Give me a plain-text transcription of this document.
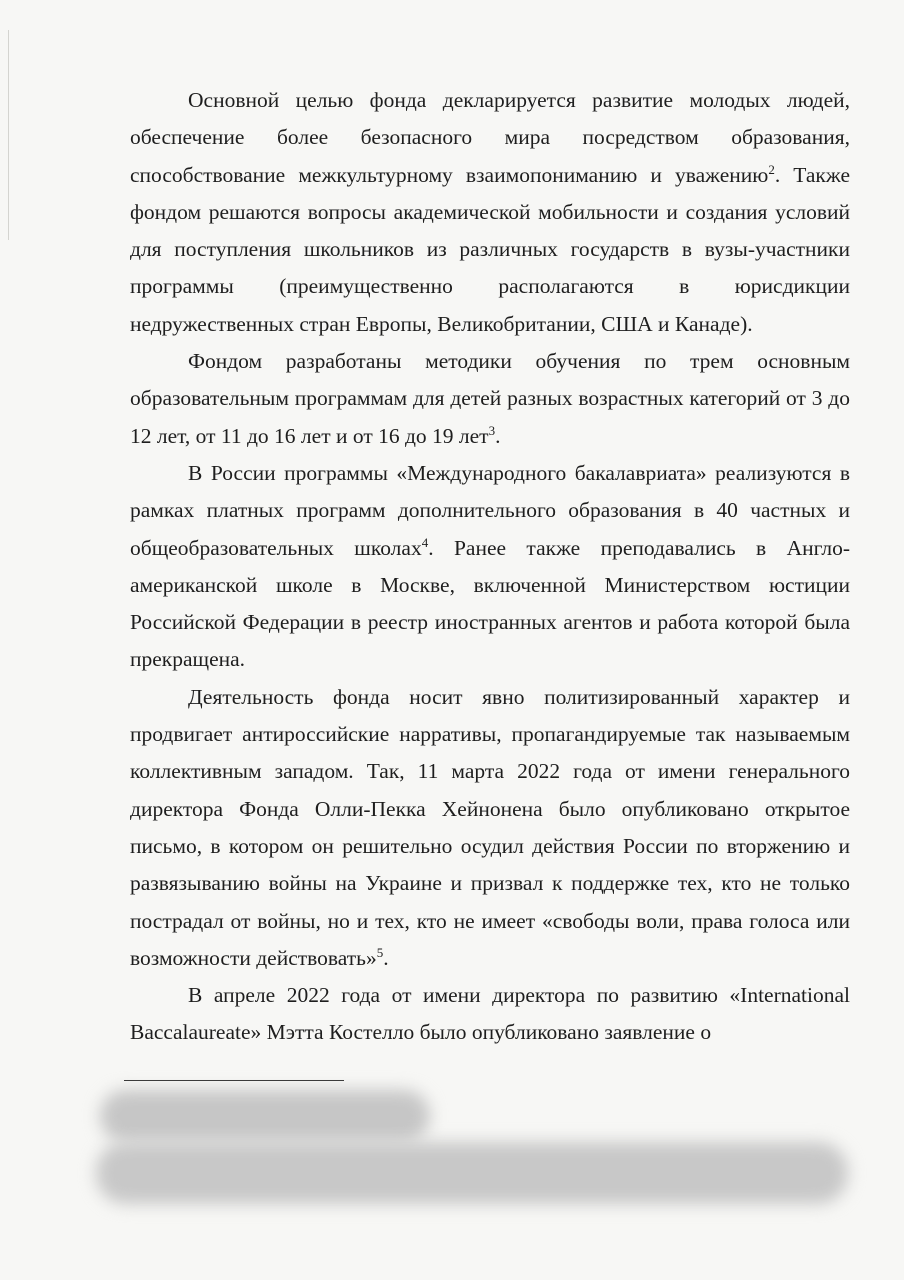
Основной целью фонда декларируется развитие молодых людей, обеспечение более безопасного мира посредством образования, способствование межкультурному взаимопониманию и уважению$^2$. Также фондом решаются вопросы академической мобильности и создания условий для поступления школьников из различных государств в вузы-участники программы (преимущественно располагаются в юрисдикции недружественных стран Европы, Великобритании, США и Канаде).

Фондом разработаны методики обучения по трем основным образовательным программам для детей разных возрастных категорий от 3 до 12 лет, от 11 до 16 лет и от 16 до 19 лет$^3$.

В России программы «Международного бакалавриата» реализуются в рамках платных программ дополнительного образования в 40 частных и общеобразовательных школах$^4$. Ранее также преподавались в Англо-американской школе в Москве, включенной Министерством юстиции Российской Федерации в реестр иностранных агентов и работа которой была прекращена.

Деятельность фонда носит явно политизированный характер и продвигает антироссийские нарративы, пропагандируемые так называемым коллективным западом. Так, 11 марта 2022 года от имени генерального директора Фонда Олли-Пекка Хейнонена было опубликовано открытое письмо, в котором он решительно осудил действия России по вторжению и развязыванию войны на Украине и призвал к поддержке тех, кто не только пострадал от войны, но и тех, кто не имеет «свободы воли, права голоса или возможности действовать»$^5$.

В апреле 2022 года от имени директора по развитию «International Baccalaureate» Мэтта Костелло было опубликовано заявление о
